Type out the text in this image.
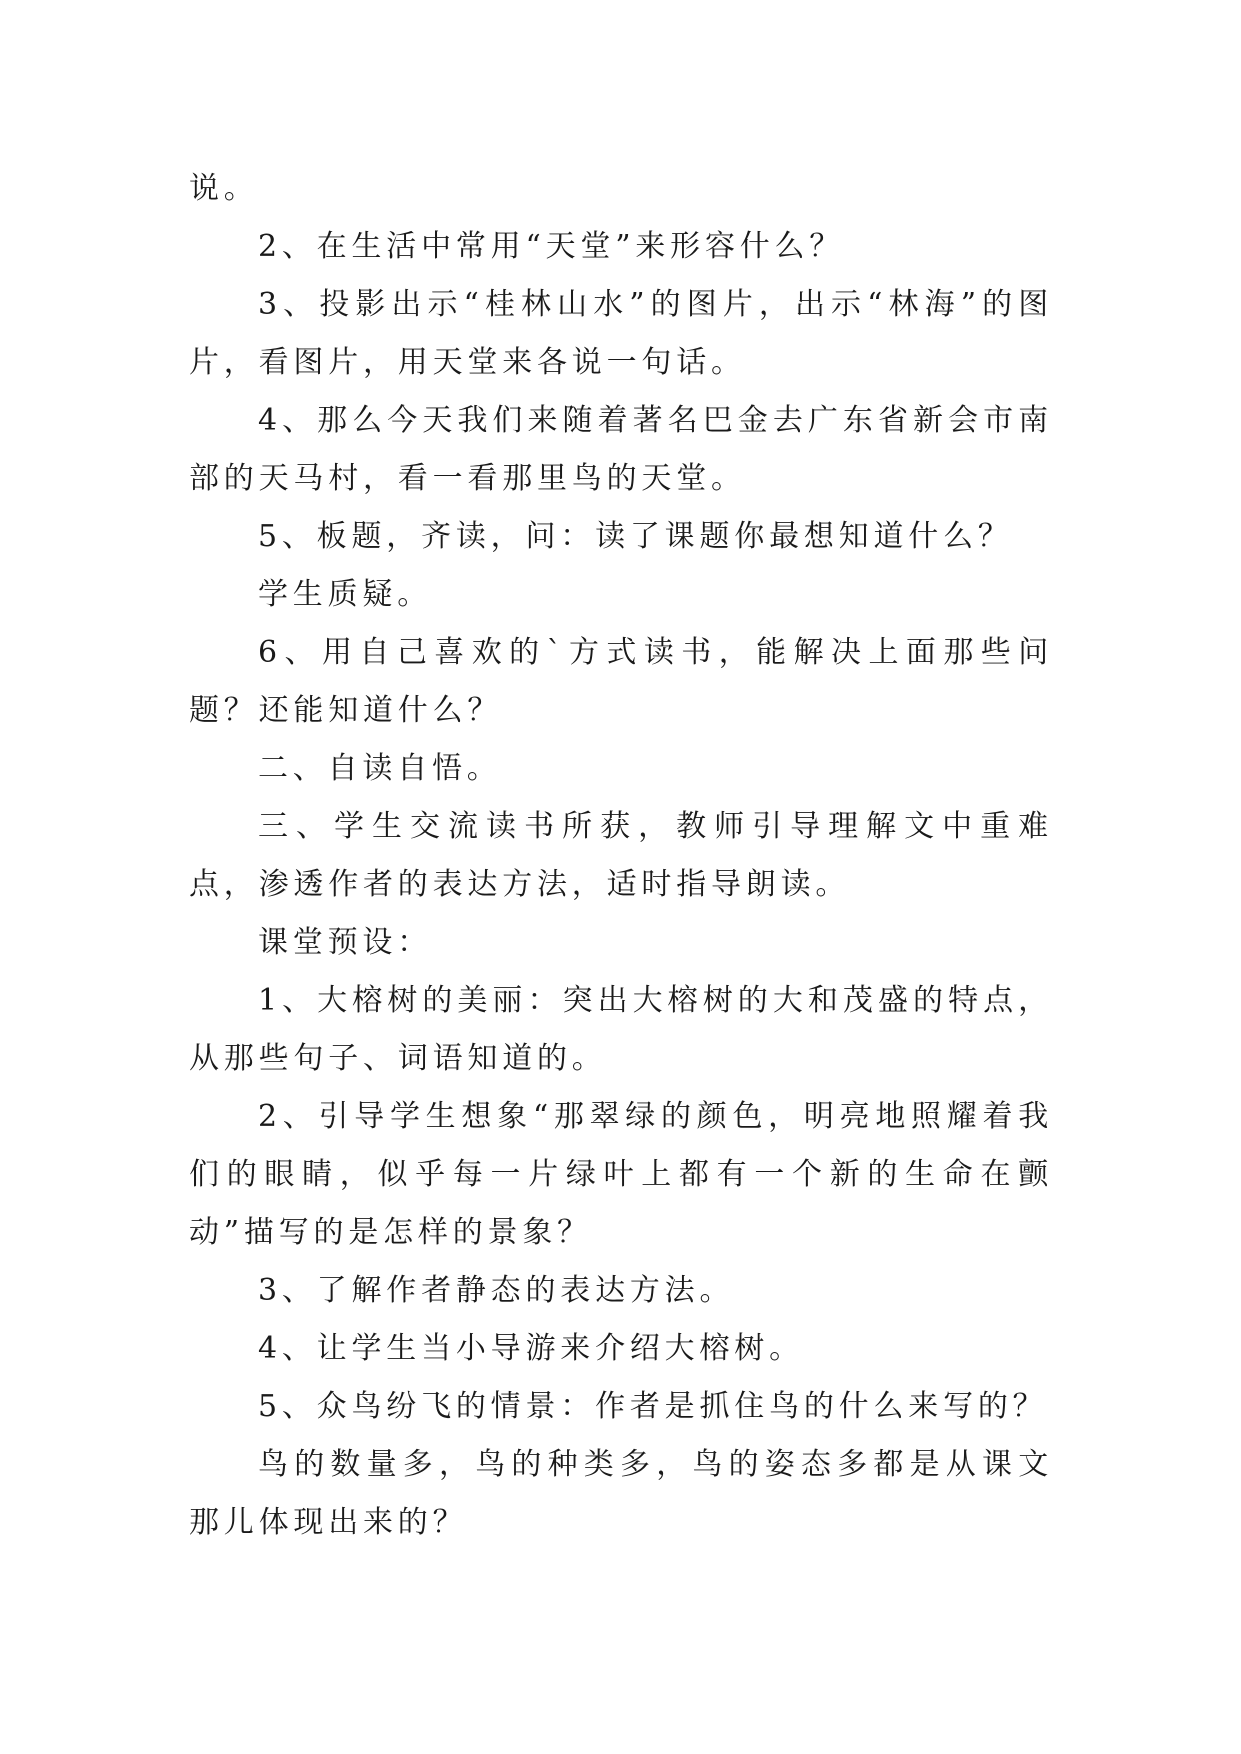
说。

2、在生活中常用“天堂”来形容什么？

3、投影出示“桂林山水”的图片，出示“林海”的图片，看图片，用天堂来各说一句话。

4、那么今天我们来随着著名巴金去广东省新会市南部的天马村，看一看那里鸟的天堂。

5、板题，齐读，问：读了课题你最想知道什么？

学生质疑。

6、用自己喜欢的`方式读书，能解决上面那些问题？还能知道什么？

二、自读自悟。

三、学生交流读书所获，教师引导理解文中重难点，渗透作者的表达方法，适时指导朗读。

课堂预设：

1、大榕树的美丽：突出大榕树的大和茂盛的特点，从那些句子、词语知道的。

2、引导学生想象“那翠绿的颜色，明亮地照耀着我们的眼睛，似乎每一片绿叶上都有一个新的生命在颤动”描写的是怎样的景象？

3、了解作者静态的表达方法。

4、让学生当小导游来介绍大榕树。

5、众鸟纷飞的情景：作者是抓住鸟的什么来写的？

鸟的数量多，鸟的种类多，鸟的姿态多都是从课文那儿体现出来的？
